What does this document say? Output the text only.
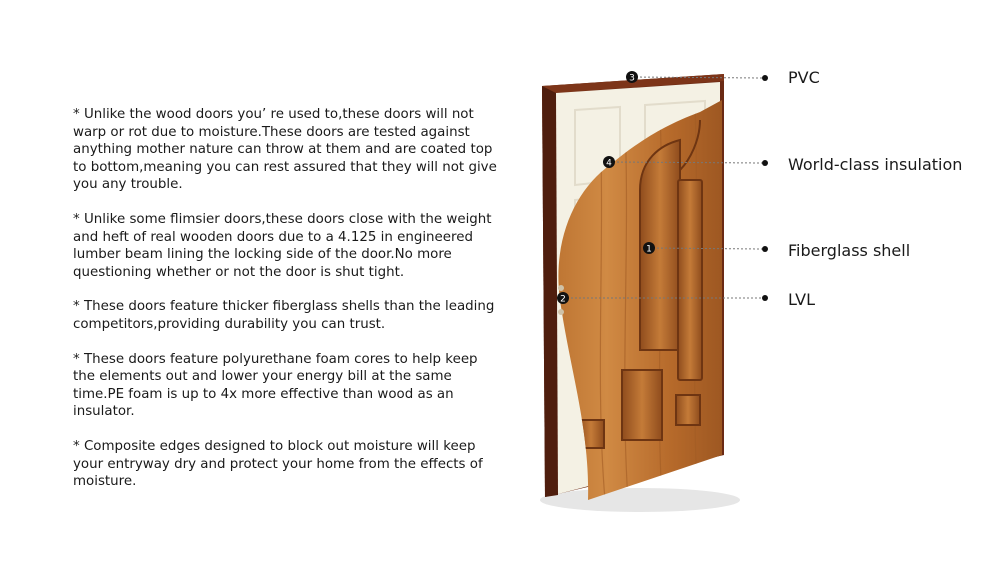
* Unlike the wood doors you’ re used to,these doors will not
warp or rot due to moisture.These doors are tested against
anything mother nature can throw at them and are coated top
to bottom,meaning you can rest assured that they will not give
you any trouble.

* Unlike some flimsier doors,these doors close with the weight
and heft of real wooden doors due to a 4.125 in engineered
lumber beam lining the locking side of the door.No more
questioning whether or not the door is shut tight.

* These doors feature thicker fiberglass shells than the leading
competitors,providing durability you can trust.

* These doors feature polyurethane foam cores to help keep
the elements out and lower your energy bill at the same
time.PE foam is up to 4x more effective than wood as an
insulator.

* Composite edges designed to block out moisture will keep
your entryway dry and protect your home from the effects of
moisture.

3
4
1
2
PVC
World-class insulation
Fiberglass shell
LVL
